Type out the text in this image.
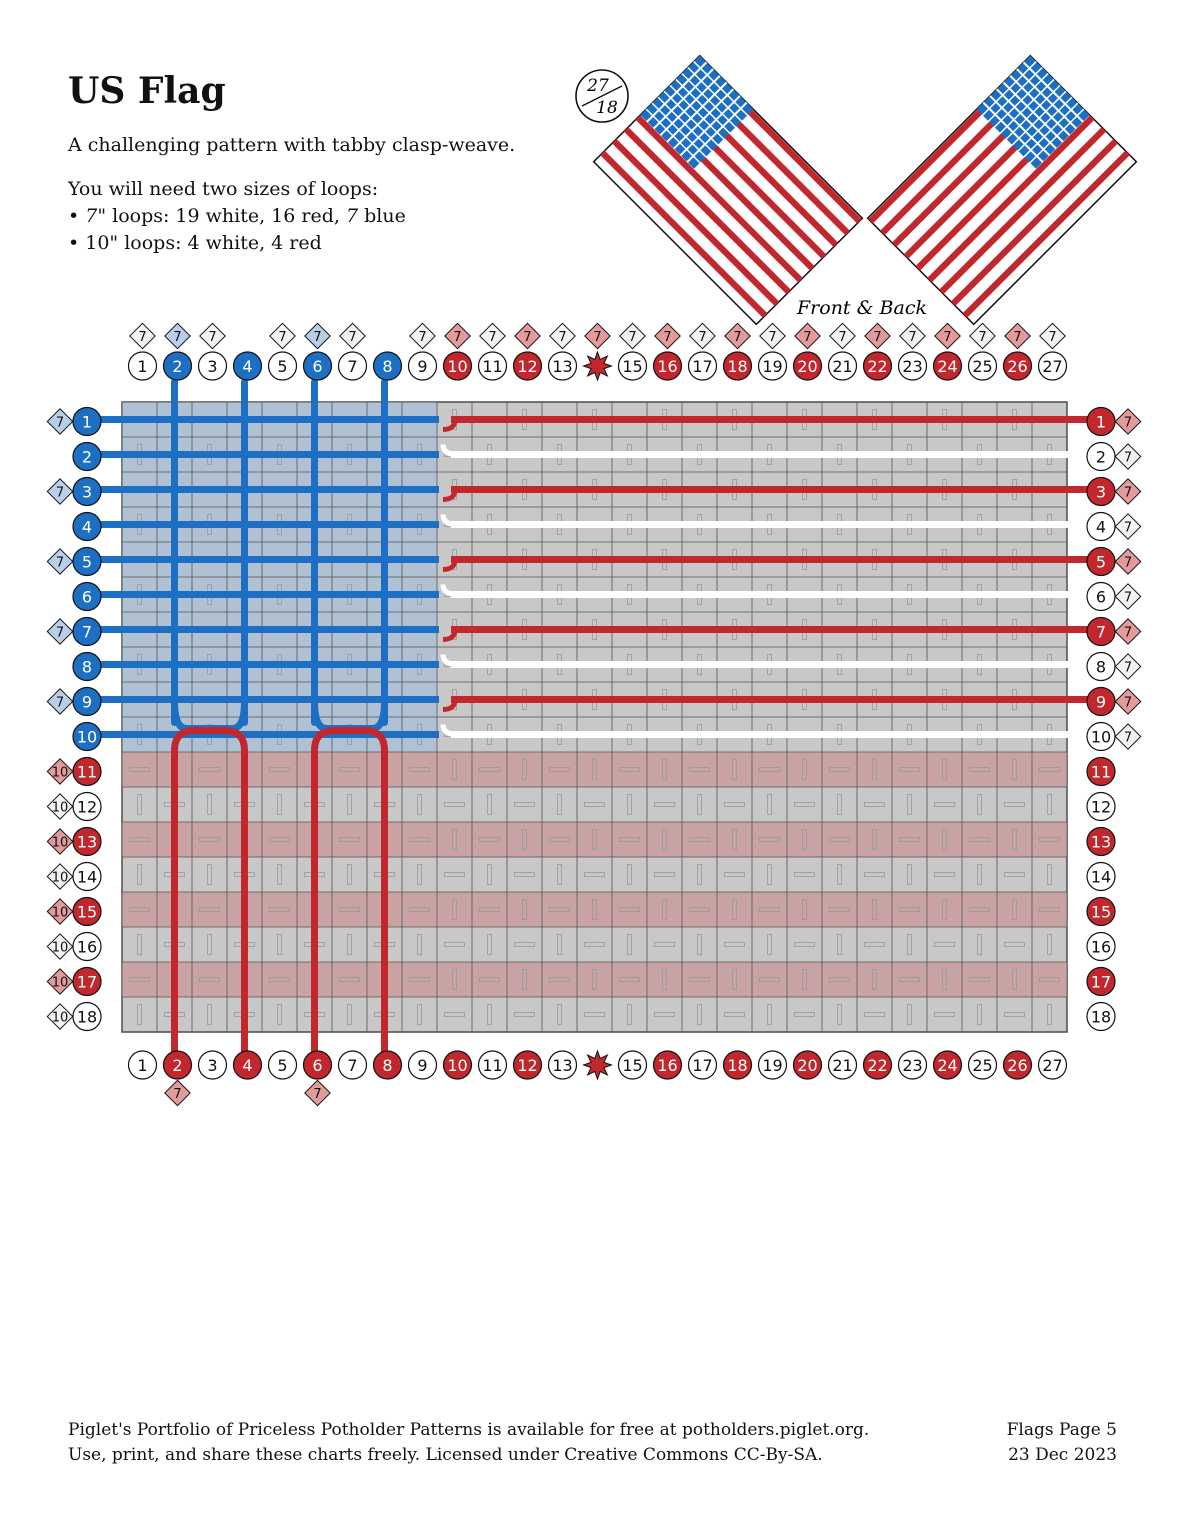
US Flag
A challenging pattern with tabby clasp-weave.
You will need two sizes of loops:
• 7" loops: 19 white, 16 red, 7 blue
• 10" loops: 4 white, 4 red
1
7
2
7
3
7
4 5
7
6
7
7
7
8 9
7
10
7
11
7
12
7
13
7 7
15
7
16
7
17
7
18
7
19
7
20
7
21
7
22
7
23
7
24
7
25
7
26
7
27
7
1 2
7
3 4 5 6
7
7 8 9 10 11 12 13	15 16 17 18 19 20 21 22 23 24 25 26 27
1
7
2
3
7
4
5
7
6
7
7
8
9
7
10
11
10
12
10
13
10
14
10
15
10
16
10
17
10
18
10
1 7
2 7
3 7
4 7
5 7
6 7
7 7
8 7
9 7
10 7
11
12
13
14
15
16
17
18
27
18
Front & Back
Piglet's Portfolio of Priceless Potholder Patterns is available for free at potholders.piglet.org.
Use, print, and share these charts freely. Licensed under Creative Commons CC-By-SA.
Flags Page 5
23 Dec 2023
